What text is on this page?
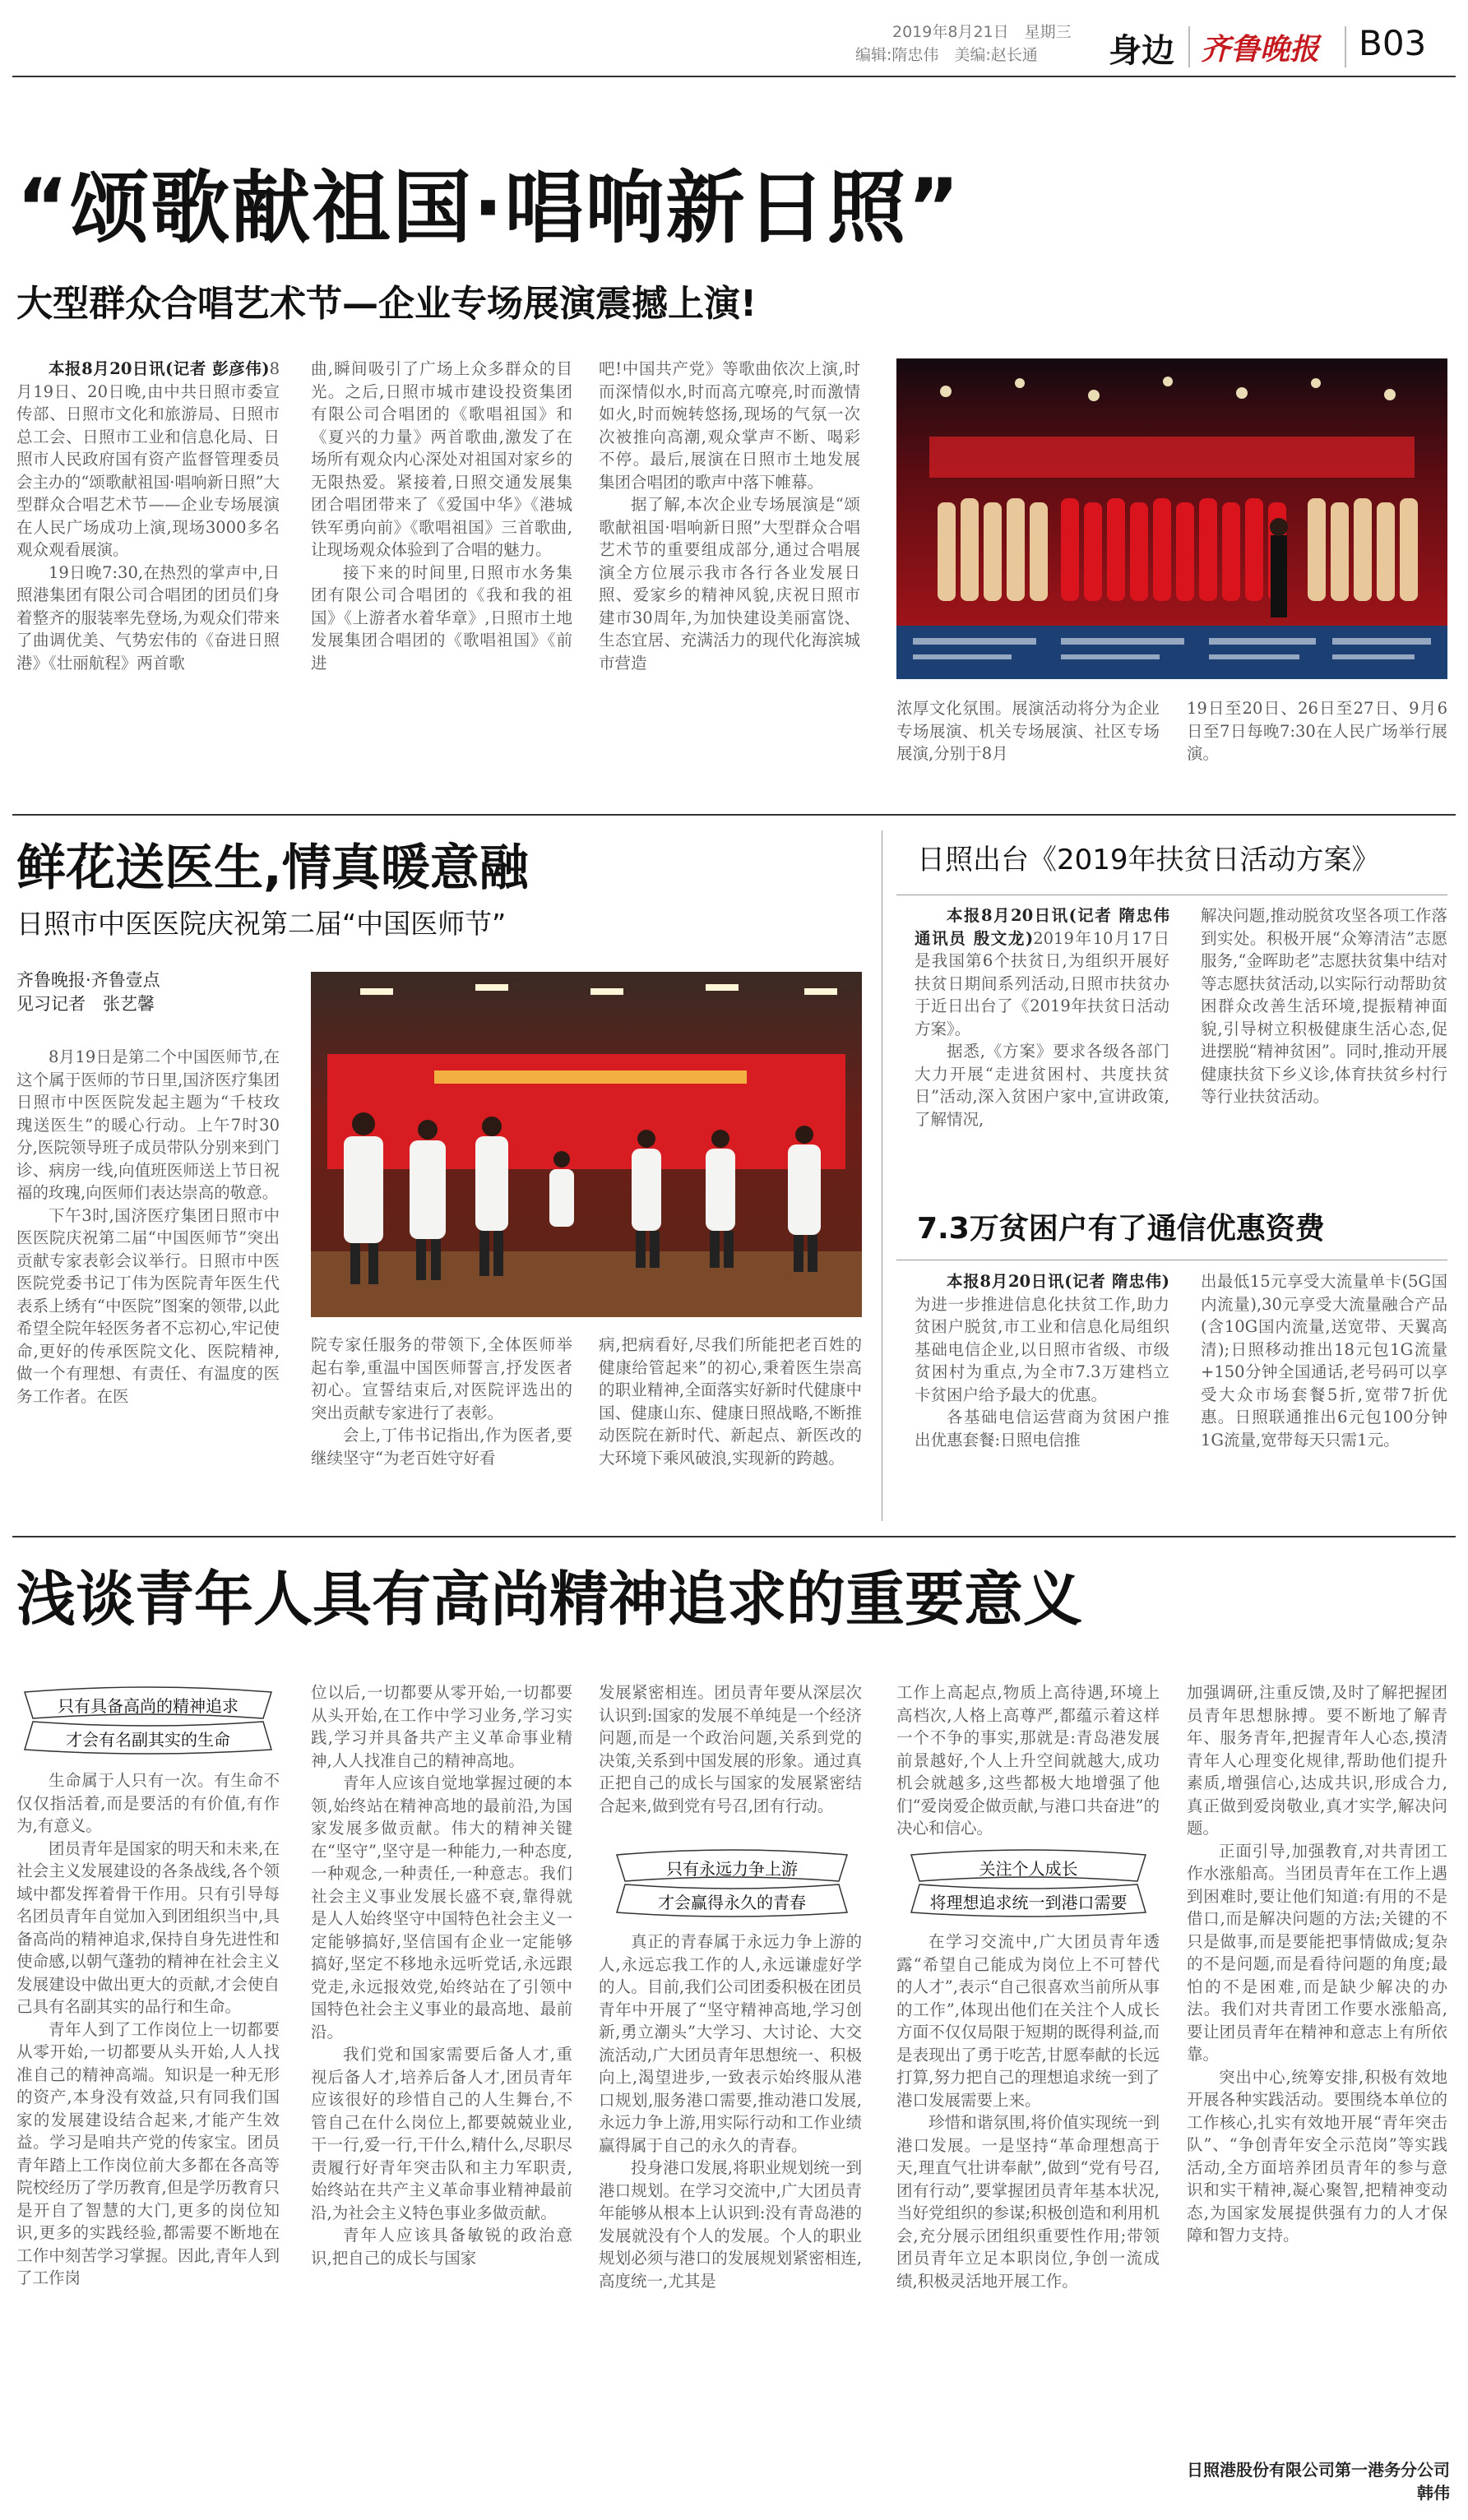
2019年8月21日　星期三
编辑:隋忠伟　美编:赵长通	身边 齐鲁晚报 B03
“颂歌献祖国·唱响新日照”
大型群众合唱艺术节—企业专场展演震撼上演!

本报8月20日讯(记者 彭彦伟)8月19日、20日晚,由中共日照市委宣传部、日照市文化和旅游局、日照市总工会、日照市工业和信息化局、日照市人民政府国有资产监督管理委员会主办的“颂歌献祖国·唱响新日照”大型群众合唱艺术节——企业专场展演在人民广场成功上演,现场3000多名观众观看展演。

19日晚7:30,在热烈的掌声中,日照港集团有限公司合唱团的团员们身着整齐的服装率先登场,为观众们带来了曲调优美、气势宏伟的《奋进日照港》《壮丽航程》两首歌

曲,瞬间吸引了广场上众多群众的目光。之后,日照市城市建设投资集团有限公司合唱团的《歌唱祖国》和《夏兴的力量》两首歌曲,激发了在场所有观众内心深处对祖国对家乡的无限热爱。紧接着,日照交通发展集团合唱团带来了《爱国中华》《港城铁军勇向前》《歌唱祖国》三首歌曲,让现场观众体验到了合唱的魅力。

接下来的时间里,日照市水务集团有限公司合唱团的《我和我的祖国》《上游者水着华章》,日照市土地发展集团合唱团的《歌唱祖国》《前进

吧!中国共产党》等歌曲依次上演,时而深情似水,时而高亢嘹亮,时而激情如火,时而婉转悠扬,现场的气氛一次次被推向高潮,观众掌声不断、喝彩不停。最后,展演在日照市土地发展集团合唱团的歌声中落下帷幕。

据了解,本次企业专场展演是“颂歌献祖国·唱响新日照”大型群众合唱艺术节的重要组成部分,通过合唱展演全方位展示我市各行各业发展日照、爱家乡的精神风貌,庆祝日照市建市30周年,为加快建设美丽富饶、生态宜居、充满活力的现代化海滨城市营造

浓厚文化氛围。展演活动将分为企业专场展演、机关专场展演、社区专场展演,分别于8月

19日至20日、26日至27日、9月6日至7日每晚7:30在人民广场举行展演。

鲜花送医生,情真暖意融
日照市中医医院庆祝第二届“中国医师节”
齐鲁晚报·齐鲁壹点
见习记者　张艺馨

8月19日是第二个中国医师节,在这个属于医师的节日里,国济医疗集团日照市中医医院发起主题为“千枝玫瑰送医生”的暖心行动。上午7时30分,医院领导班子成员带队分别来到门诊、病房一线,向值班医师送上节日祝福的玫瑰,向医师们表达崇高的敬意。

下午3时,国济医疗集团日照市中医医院庆祝第二届“中国医师节”突出贡献专家表彰会议举行。日照市中医医院党委书记丁伟为医院青年医生代表系上绣有“中医院”图案的领带,以此希望全院年轻医务者不忘初心,牢记使命,更好的传承医院文化、医院精神,做一个有理想、有责任、有温度的医务工作者。在医

院专家任服务的带领下,全体医师举起右拳,重温中国医师誓言,抒发医者初心。宣誓结束后,对医院评选出的突出贡献专家进行了表彰。

会上,丁伟书记指出,作为医者,要继续坚守“为老百姓守好看

病,把病看好,尽我们所能把老百姓的健康给管起来”的初心,秉着医生崇高的职业精神,全面落实好新时代健康中国、健康山东、健康日照战略,不断推动医院在新时代、新起点、新医改的大环境下乘风破浪,实现新的跨越。

日照出台《2019年扶贫日活动方案》

本报8月20日讯(记者 隋忠伟 通讯员 殷文龙)2019年10月17日是我国第6个扶贫日,为组织开展好扶贫日期间系列活动,日照市扶贫办于近日出台了《2019年扶贫日活动方案》。

据悉,《方案》要求各级各部门大力开展“走进贫困村、共度扶贫日”活动,深入贫困户家中,宣讲政策,了解情况,

解决问题,推动脱贫攻坚各项工作落到实处。积极开展“众筹清洁”志愿服务,“金晖助老”志愿扶贫集中结对等志愿扶贫活动,以实际行动帮助贫困群众改善生活环境,提振精神面貌,引导树立积极健康生活心态,促进摆脱“精神贫困”。同时,推动开展健康扶贫下乡义诊,体育扶贫乡村行等行业扶贫活动。

7.3万贫困户有了通信优惠资费

本报8月20日讯(记者 隋忠伟)为进一步推进信息化扶贫工作,助力贫困户脱贫,市工业和信息化局组织基础电信企业,以日照市省级、市级贫困村为重点,为全市7.3万建档立卡贫困户给予最大的优惠。

各基础电信运营商为贫困户推出优惠套餐:日照电信推

出最低15元享受大流量单卡(5G国内流量),30元享受大流量融合产品(含10G国内流量,送宽带、天翼高清);日照移动推出18元包1G流量+150分钟全国通话,老号码可以享受大众市场套餐5折,宽带7折优惠。日照联通推出6元包100分钟1G流量,宽带每天只需1元。

浅谈青年人具有高尚精神追求的重要意义
只有具备高尚的精神追求
才会有名副其实的生命

生命属于人只有一次。有生命不仅仅指活着,而是要活的有价值,有作为,有意义。

团员青年是国家的明天和未来,在社会主义发展建设的各条战线,各个领域中都发挥着骨干作用。只有引导每名团员青年自觉加入到团组织当中,具备高尚的精神追求,保持自身先进性和使命感,以朝气蓬勃的精神在社会主义发展建设中做出更大的贡献,才会使自己具有名副其实的品行和生命。

青年人到了工作岗位上一切都要从零开始,一切都要从头开始,人人找准自己的精神高端。知识是一种无形的资产,本身没有效益,只有同我们国家的发展建设结合起来,才能产生效益。学习是咱共产党的传家宝。团员青年踏上工作岗位前大多都在各高等院校经历了学历教育,但是学历教育只是开自了智慧的大门,更多的岗位知识,更多的实践经验,都需要不断地在工作中刻苦学习掌握。因此,青年人到了工作岗

位以后,一切都要从零开始,一切都要从头开始,在工作中学习业务,学习实践,学习并具备共产主义革命事业精神,人人找准自己的精神高地。

青年人应该自觉地掌握过硬的本领,始终站在精神高地的最前沿,为国家发展多做贡献。伟大的精神关键在“坚守”,坚守是一种能力,一种态度,一种观念,一种责任,一种意志。我们社会主义事业发展长盛不衰,靠得就是人人始终坚守中国特色社会主义一定能够搞好,坚信国有企业一定能够搞好,坚定不移地永远听党话,永远跟党走,永远报效党,始终站在了引领中国特色社会主义事业的最高地、最前沿。

我们党和国家需要后备人才,重视后备人才,培养后备人才,团员青年应该很好的珍惜自己的人生舞台,不管自己在什么岗位上,都要兢兢业业,干一行,爱一行,干什么,精什么,尽职尽责履行好青年突击队和主力军职责,始终站在共产主义革命事业精神最前沿,为社会主义特色事业多做贡献。

青年人应该具备敏锐的政治意识,把自己的成长与国家

发展紧密相连。团员青年要从深层次认识到:国家的发展不单纯是一个经济问题,而是一个政治问题,关系到党的决策,关系到中国发展的形象。通过真正把自己的成长与国家的发展紧密结合起来,做到党有号召,团有行动。

只有永远力争上游
才会赢得永久的青春

真正的青春属于永远力争上游的人,永远忘我工作的人,永远谦虚好学的人。目前,我们公司团委积极在团员青年中开展了“坚守精神高地,学习创新,勇立潮头”大学习、大讨论、大交流活动,广大团员青年思想统一、积极向上,渴望进步,一致表示始终服从港口规划,服务港口需要,推动港口发展,永远力争上游,用实际行动和工作业绩赢得属于自己的永久的青春。

投身港口发展,将职业规划统一到港口规划。在学习交流中,广大团员青年能够从根本上认识到:没有青岛港的发展就没有个人的发展。个人的职业规划必须与港口的发展规划紧密相连,高度统一,尤其是

工作上高起点,物质上高待遇,环境上高档次,人格上高尊严,都蕴示着这样一个不争的事实,那就是:青岛港发展前景越好,个人上升空间就越大,成功机会就越多,这些都极大地增强了他们“爱岗爱企做贡献,与港口共奋进”的决心和信心。

关注个人成长
将理想追求统一到港口需要

在学习交流中,广大团员青年透露“希望自己能成为岗位上不可替代的人才”,表示“自己很喜欢当前所从事的工作”,体现出他们在关注个人成长方面不仅仅局限于短期的既得利益,而是表现出了勇于吃苦,甘愿奉献的长远打算,努力把自己的理想追求统一到了港口发展需要上来。

珍惜和谐氛围,将价值实现统一到港口发展。一是坚持“革命理想高于天,理直气壮讲奉献”,做到“党有号召,团有行动”,要掌握团员青年基本状况,当好党组织的参谋;积极创造和利用机会,充分展示团组织重要性作用;带领团员青年立足本职岗位,争创一流成绩,积极灵活地开展工作。

加强调研,注重反馈,及时了解把握团员青年思想脉搏。要不断地了解青年、服务青年,把握青年人心态,摸清青年人心理变化规律,帮助他们提升素质,增强信心,达成共识,形成合力,真正做到爱岗敬业,真才实学,解决问题。

正面引导,加强教育,对共青团工作水涨船高。当团员青年在工作上遇到困难时,要让他们知道:有用的不是借口,而是解决问题的方法;关键的不只是做事,而是要能把事情做成;复杂的不是问题,而是看待问题的角度;最怕的不是困难,而是缺少解决的办法。我们对共青团工作要水涨船高,要让团员青年在精神和意志上有所依靠。

突出中心,统筹安排,积极有效地开展各种实践活动。要围绕本单位的工作核心,扎实有效地开展“青年突击队”、“争创青年安全示范岗”等实践活动,全方面培养团员青年的参与意识和实干精神,凝心聚智,把精神变动态,为国家发展提供强有力的人才保障和智力支持。

日照港股份有限公司第一港务分公司　韩伟
